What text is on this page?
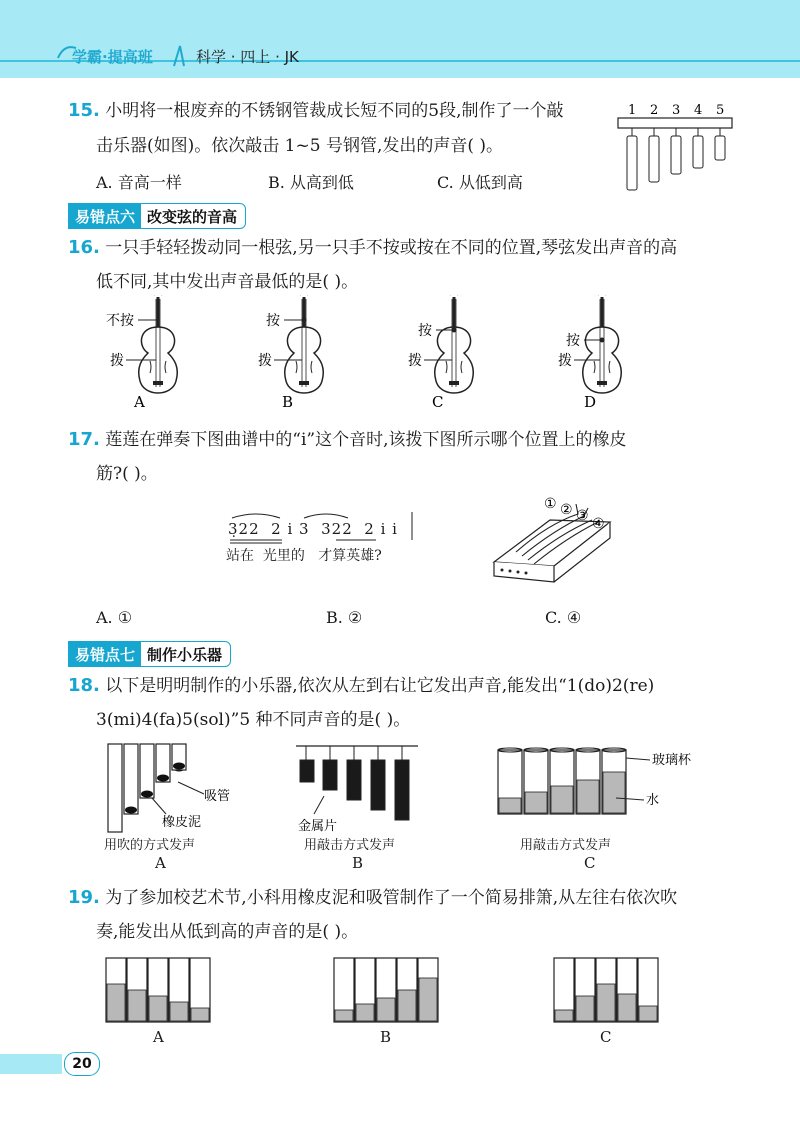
学霸·提高班	科学 · 四上 · JK
15. 小明将一根废弃的不锈钢管裁成长短不同的5段,制作了一个敲
击乐器(如图)。依次敲击 1~5 号钢管,发出的声音( )。
A. 音高一样	B. 从高到低	C. 从低到高
1 2 3 4 5
易错点六 改变弦的音高
16. 一只手轻轻拨动同一根弦,另一只手不按或按在不同的位置,琴弦发出声音的高
低不同,其中发出声音最低的是( )。
不按
拨
A
按
拨
B
按
拨
C
按
拨
D
17. 莲莲在弹奏下图曲谱中的“i”这个音时,该拨下图所示哪个位置上的橡皮
筋?( )。
3̣22  2 i 3  322  2 i i
站在  光里的   才算英雄?
① ② ③ ④
A. ①	B. ②	C. ④
易错点七 制作小乐器
18. 以下是明明制作的小乐器,依次从左到右让它发出声音,能发出“1(do)2(re)
3(mi)4(fa)5(sol)”5 种不同声音的是( )。
吸管
橡皮泥
用吹的方式发声
A
金属片
用敲击方式发声
B
玻璃杯
水
用敲击方式发声
C
19. 为了参加校艺术节,小科用橡皮泥和吸管制作了一个简易排箫,从左往右依次吹
奏,能发出从低到高的声音的是( )。
A	B	C
20
